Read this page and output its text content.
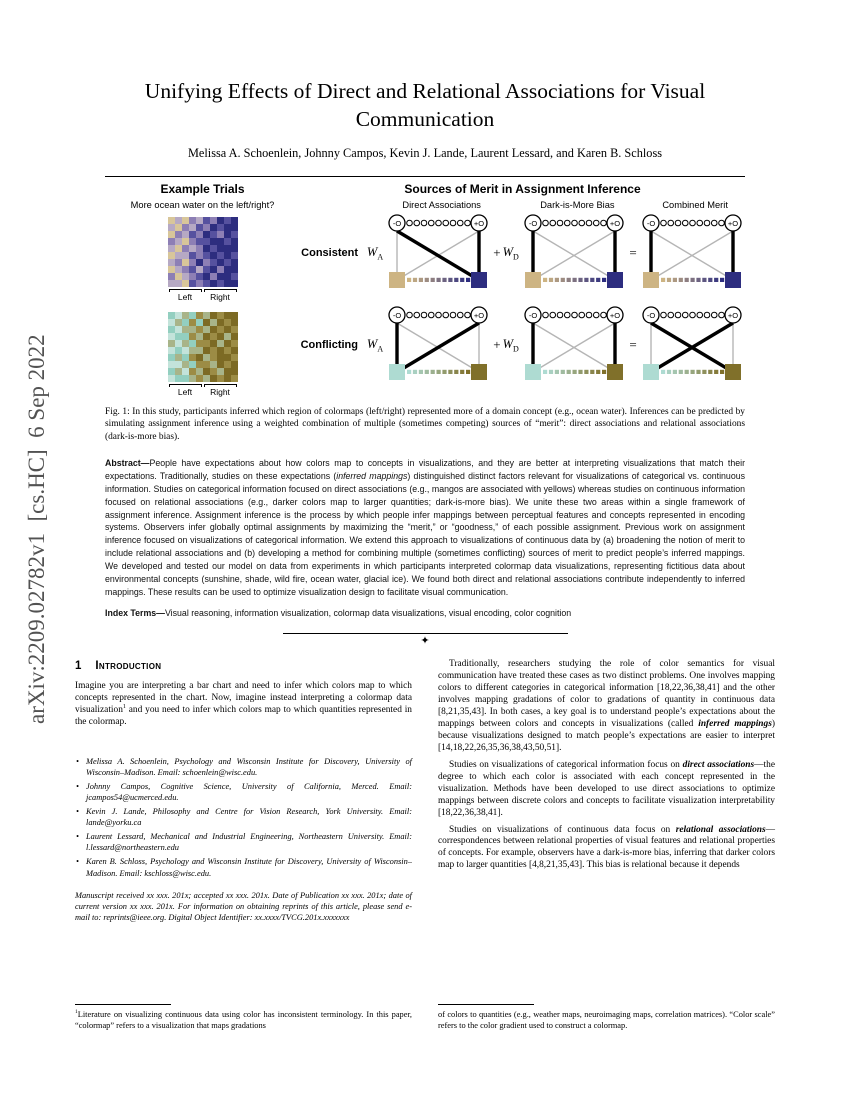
arXiv:2209.02782v1  [cs.HC]  6 Sep 2022
Unifying Effects of Direct and Relational Associations for Visual Communication
Melissa A. Schoenlein, Johnny Campos, Kevin J. Lande, Laurent Lessard, and Karen B. Schloss
Example Trials	Sources of Merit in Assignment Inference
More ocean water on the left/right?
Left	Right
Left	Right
Direct Associations	Dark-is-More Bias	Combined Merit
Consistent $W_A$
-O	+O
+ $W_D$
-O	+O
=
-O	+O
Conflicting $W_A$
-O	+O
+ $W_D$
-O	+O
=
-O	+O
Fig. 1: In this study, participants inferred which region of colormaps (left/right) represented more of a domain concept (e.g., ocean water). Inferences can be predicted by simulating assignment inference using a weighted combination of multiple (sometimes competing) sources of “merit”: direct associations and relational associations (dark-is-more bias).
Abstract—People have expectations about how colors map to concepts in visualizations, and they are better at interpreting visualizations that match their expectations. Traditionally, studies on these expectations (inferred mappings) distinguished distinct factors relevant for visualizations of categorical vs. continuous information. Studies on categorical information focused on direct associations (e.g., mangos are associated with yellows) whereas studies on continuous information focused on relational associations (e.g., darker colors map to larger quantities; dark-is-more bias). We unite these two areas within a single framework of assignment inference. Assignment inference is the process by which people infer mappings between perceptual features and concepts represented in encoding systems. Observers infer globally optimal assignments by maximizing the “merit,” or “goodness,” of each possible assignment. Previous work on assignment inference focused on visualizations of categorical information. We extend this approach to visualizations of continuous data by (a) broadening the notion of merit to include relational associations and (b) developing a method for combining multiple (sometimes conflicting) sources of merit to predict people’s inferred mappings. We developed and tested our model on data from experiments in which participants interpreted colormap data visualizations, representing fictitious data about environmental concepts (sunshine, shade, wild fire, ocean water, glacial ice). We found both direct and relational associations contribute independently to inferred mappings. These results can be used to optimize visualization design to facilitate visual communication.
Index Terms—Visual reasoning, information visualization, colormap data visualizations, visual encoding, color cognition
✦
1 Introduction

Imagine you are interpreting a bar chart and need to infer which colors map to which concepts represented in the chart. Now, imagine instead interpreting a colormap data visualization$^1$ and you need to infer which colors map to which quantities represented in the colormap.

• Melissa A. Schoenlein, Psychology and Wisconsin Institute for Discovery, University of Wisconsin–Madison. Email: schoenlein@wisc.edu.
• Johnny Campos, Cognitive Science, University of California, Merced. Email: jcampos54@ucmerced.edu.
• Kevin J. Lande, Philosophy and Centre for Vision Research, York University. Email: lande@yorku.ca
• Laurent Lessard, Mechanical and Industrial Engineering, Northeastern University. Email: l.lessard@northeastern.edu
• Karen B. Schloss, Psychology and Wisconsin Institute for Discovery, University of Wisconsin–Madison. Email: kschloss@wisc.edu.

Manuscript received xx xxx. 201x; accepted xx xxx. 201x. Date of Publication xx xxx. 201x; date of current version xx xxx. 201x. For information on obtaining reprints of this article, please send e-mail to: reprints@ieee.org. Digital Object Identifier: xx.xxxx/TVCG.201x.xxxxxxx

$^1$Literature on visualizing continuous data using color has inconsistent terminology. In this paper, “colormap” refers to a visualization that maps gradations

Traditionally, researchers studying the role of color semantics for visual communication have treated these cases as two distinct problems. One involves mapping colors to different categories in categorical information [18,22,36,38,41] and the other involves mapping gradations of color to gradations of quantity in continuous data [8,21,35,43]. In both cases, a key goal is to understand people’s expectations about the mappings between colors and concepts in visualizations (called inferred mappings) because visualizations designed to match people’s expectations are easier to interpret [14,18,22,26,35,36,38,43,50,51].

Studies on visualizations of categorical information focus on direct associations—the degree to which each color is associated with each concept represented in the visualization. Methods have been developed to use direct associations to optimize mappings between discrete colors and concepts to facilitate visualization interpretability [18,22,36,38,41].

Studies on visualizations of continuous data focus on relational associations—correspondences between relational properties of visual features and relational properties of concepts. For example, observers have a dark-is-more bias, inferring that darker colors map to larger quantities [4,8,21,35,43]. This bias is relational because it depends

of colors to quantities (e.g., weather maps, neuroimaging maps, correlation matrices). “Color scale” refers to the color gradient used to construct a colormap.
